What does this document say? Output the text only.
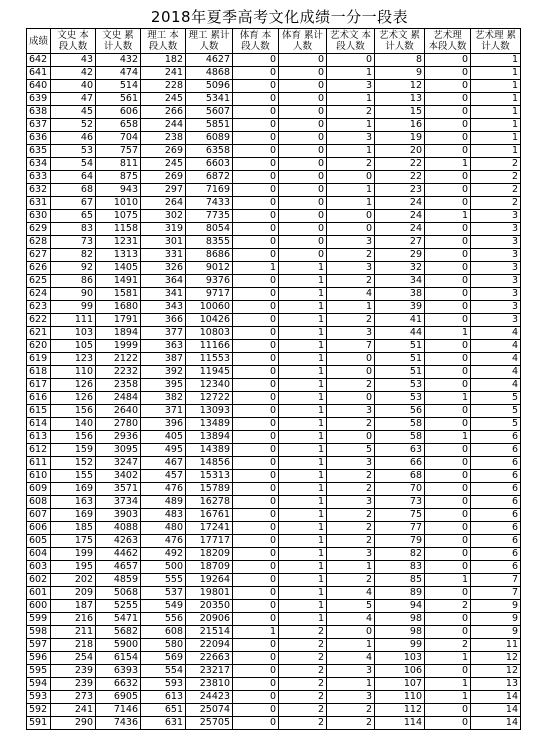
2018年夏季高考文化成绩一分一段表
成绩	文史 本段人数	文史 累计人数	理工 本段人数	理工 累计人数	体育 本段人数	体育 累计人数	艺术文 本段人数	艺术文 累计人数	艺术理 本段人数	艺术理 累计人数
642	43	432	182	4627	0	0	0	8	0	1
641	42	474	241	4868	0	0	1	9	0	1
640	40	514	228	5096	0	0	3	12	0	1
639	47	561	245	5341	0	0	1	13	0	1
638	45	606	266	5607	0	0	2	15	0	1
637	52	658	244	5851	0	0	1	16	0	1
636	46	704	238	6089	0	0	3	19	0	1
635	53	757	269	6358	0	0	1	20	0	1
634	54	811	245	6603	0	0	2	22	1	2
633	64	875	269	6872	0	0	0	22	0	2
632	68	943	297	7169	0	0	1	23	0	2
631	67	1010	264	7433	0	0	1	24	0	2
630	65	1075	302	7735	0	0	0	24	1	3
629	83	1158	319	8054	0	0	0	24	0	3
628	73	1231	301	8355	0	0	3	27	0	3
627	82	1313	331	8686	0	0	2	29	0	3
626	92	1405	326	9012	1	1	3	32	0	3
625	86	1491	364	9376	0	1	2	34	0	3
624	90	1581	341	9717	0	1	4	38	0	3
623	99	1680	343	10060	0	1	1	39	0	3
622	111	1791	366	10426	0	1	2	41	0	3
621	103	1894	377	10803	0	1	3	44	1	4
620	105	1999	363	11166	0	1	7	51	0	4
619	123	2122	387	11553	0	1	0	51	0	4
618	110	2232	392	11945	0	1	0	51	0	4
617	126	2358	395	12340	0	1	2	53	0	4
616	126	2484	382	12722	0	1	0	53	1	5
615	156	2640	371	13093	0	1	3	56	0	5
614	140	2780	396	13489	0	1	2	58	0	5
613	156	2936	405	13894	0	1	0	58	1	6
612	159	3095	495	14389	0	1	5	63	0	6
611	152	3247	467	14856	0	1	3	66	0	6
610	155	3402	457	15313	0	1	2	68	0	6
609	169	3571	476	15789	0	1	2	70	0	6
608	163	3734	489	16278	0	1	3	73	0	6
607	169	3903	483	16761	0	1	2	75	0	6
606	185	4088	480	17241	0	1	2	77	0	6
605	175	4263	476	17717	0	1	2	79	0	6
604	199	4462	492	18209	0	1	3	82	0	6
603	195	4657	500	18709	0	1	1	83	0	6
602	202	4859	555	19264	0	1	2	85	1	7
601	209	5068	537	19801	0	1	4	89	0	7
600	187	5255	549	20350	0	1	5	94	2	9
599	216	5471	556	20906	0	1	4	98	0	9
598	211	5682	608	21514	1	2	0	98	0	9
597	218	5900	580	22094	0	2	1	99	2	11
596	254	6154	569	22663	0	2	4	103	1	12
595	239	6393	554	23217	0	2	3	106	0	12
594	239	6632	593	23810	0	2	1	107	1	13
593	273	6905	613	24423	0	2	3	110	1	14
592	241	7146	651	25074	0	2	2	112	0	14
591	290	7436	631	25705	0	2	2	114	0	14
